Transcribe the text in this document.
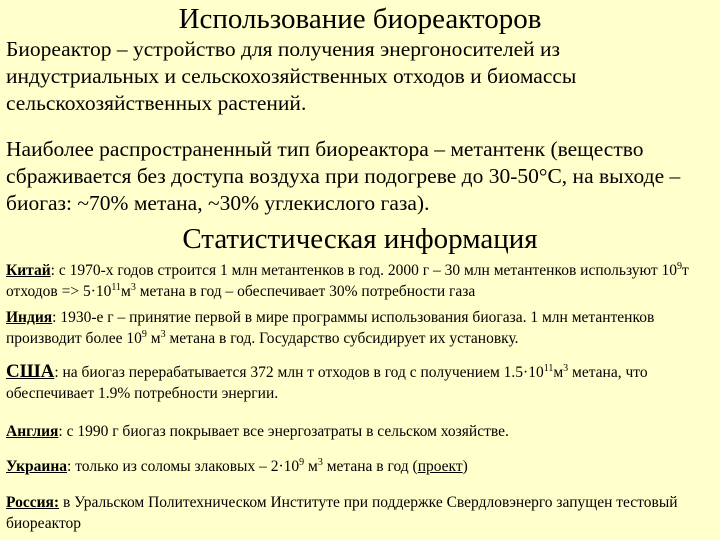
Использование биореакторов
Биореактор – устройство для получения энергоносителей из индустриальных и сельскохозяйственных отходов и биомассы сельскохозяйственных растений.
Наиболее распространенный тип биореактора – метантенк (вещество сбраживается без доступа воздуха при подогреве до 30-50°С, на выходе – биогаз: ~70% метана, ~30% углекислого газа).
Статистическая информация
Китай: с 1970-х годов строится 1 млн метантенков в год. 2000 г – 30 млн метантенков используют $10^9т$ отходов => $5\cdot 10^{11}м^3$ метана в год – обеспечивает 30% потребности газа
Индия: 1930-е г – принятие первой в мире программы использования биогаза. 1 млн метантенков производит более $10^9$ $м^3$ метана в год. Государство субсидирует их установку.
США: на биогаз перерабатывается 372 млн т отходов в год с получением $1.5\cdot 10^{11}м^3$ метана, что обеспечивает 1.9% потребности энергии.
Англия: с 1990 г биогаз покрывает все энергозатраты в сельском хозяйстве.
Украина: только из соломы злаковых – $2\cdot 10^9$ $м^3$ метана в год (проект)
Россия: в Уральском Политехническом Институте при поддержке Свердловэнерго запущен тестовый биореактор
